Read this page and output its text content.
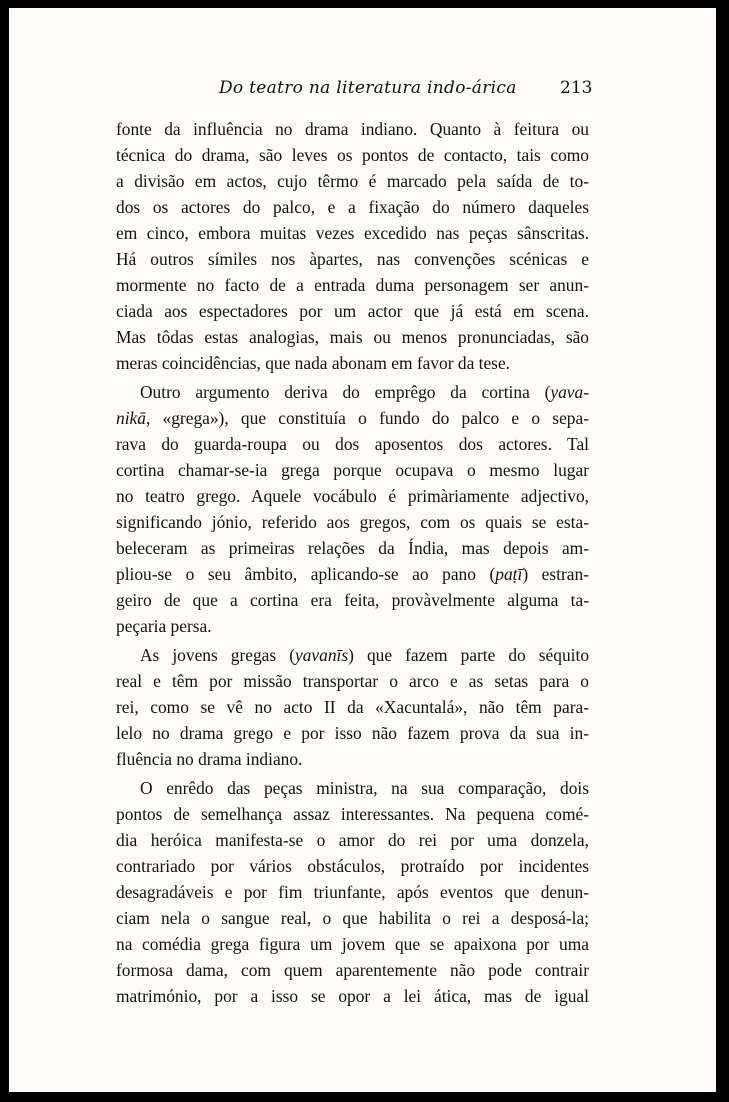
Do teatro na literatura indo-árica	213
fonte da influência no drama indiano. Quanto à feitura ou
técnica do drama, são leves os pontos de contacto, tais como
a divisão em actos, cujo têrmo é marcado pela saída de to-
dos os actores do palco, e a fixação do número daqueles
em cinco, embora muitas vezes excedido nas peças sânscritas.
Há outros símiles nos àpartes, nas convenções scénicas e
mormente no facto de a entrada duma personagem ser anun-
ciada aos espectadores por um actor que já está em scena.
Mas tôdas estas analogias, mais ou menos pronunciadas, são
meras coincidências, que nada abonam em favor da tese.
Outro argumento deriva do emprêgo da cortina (yava-
nikā, «grega»), que constituía o fundo do palco e o sepa-
rava do guarda-roupa ou dos aposentos dos actores. Tal
cortina chamar-se-ia grega porque ocupava o mesmo lugar
no teatro grego. Aquele vocábulo é primàriamente adjectivo,
significando jónio, referido aos gregos, com os quais se esta-
beleceram as primeiras relações da Índia, mas depois am-
pliou-se o seu âmbito, aplicando-se ao pano (paṭī) estran-
geiro de que a cortina era feita, provàvelmente alguma ta-
peçaria persa.
As jovens gregas (yavanīs) que fazem parte do séquito
real e têm por missão transportar o arco e as setas para o
rei, como se vê no acto II da «Xacuntalá», não têm para-
lelo no drama grego e por isso não fazem prova da sua in-
fluência no drama indiano.
O enrêdo das peças ministra, na sua comparação, dois
pontos de semelhança assaz interessantes. Na pequena comé-
dia heróica manifesta-se o amor do rei por uma donzela,
contrariado por vários obstáculos, protraído por incidentes
desagradáveis e por fim triunfante, após eventos que denun-
ciam nela o sangue real, o que habilita o rei a desposá-la;
na comédia grega figura um jovem que se apaixona por uma
formosa dama, com quem aparentemente não pode contrair
matrimónio, por a isso se opor a lei ática, mas de igual
